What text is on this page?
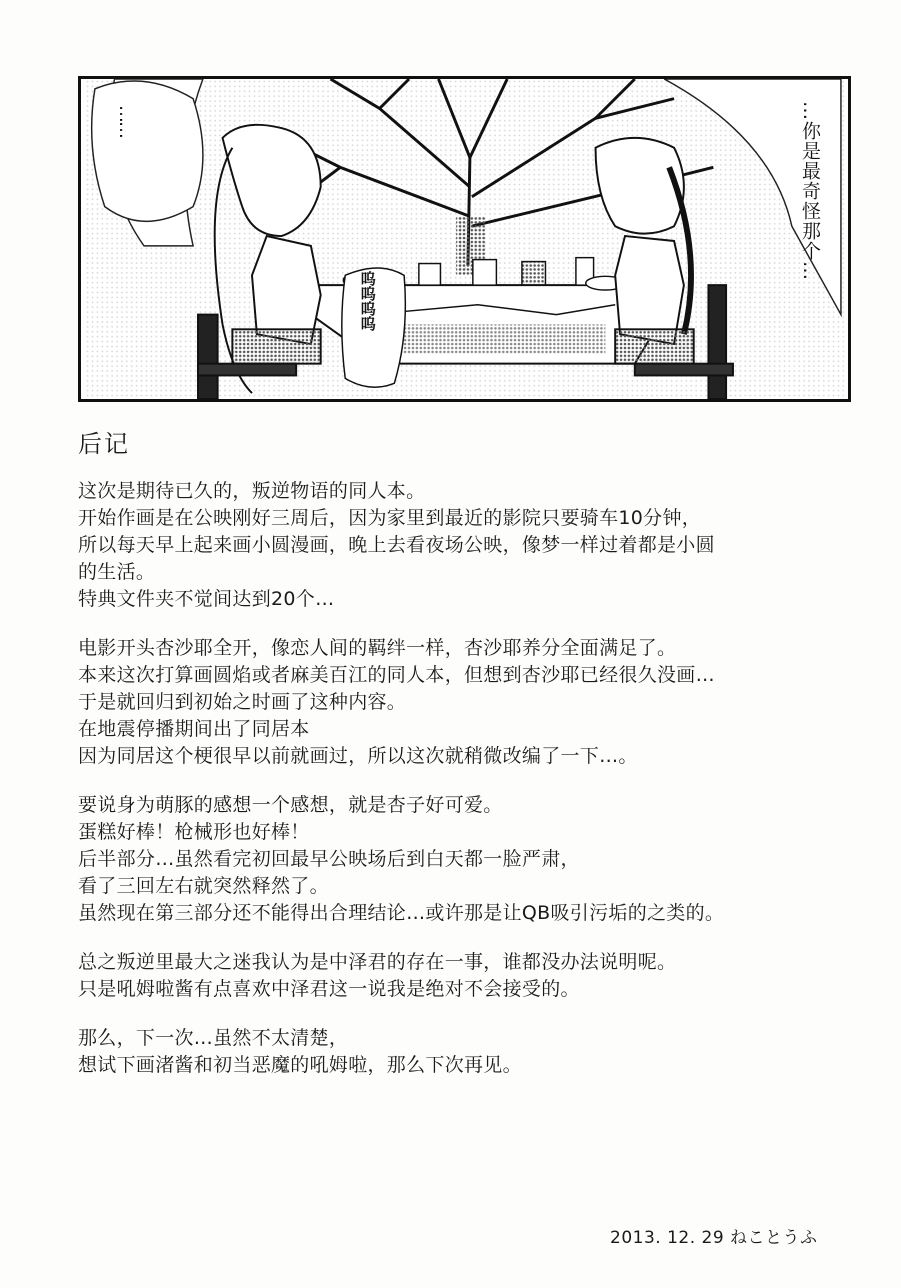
……	…你是最奇怪那个…
呜呜呜呜
后记
这次是期待已久的，叛逆物语的同人本。
开始作画是在公映刚好三周后，因为家里到最近的影院只要骑车10分钟，
所以每天早上起来画小圆漫画，晚上去看夜场公映，像梦一样过着都是小圆
的生活。
特典文件夹不觉间达到20个…
电影开头杏沙耶全开，像恋人间的羁绊一样，杏沙耶养分全面满足了。
本来这次打算画圆焰或者麻美百江的同人本，但想到杏沙耶已经很久没画…
于是就回归到初始之时画了这种内容。
在地震停播期间出了同居本
因为同居这个梗很早以前就画过，所以这次就稍微改编了一下…。
要说身为萌豚的感想一个感想，就是杏子好可爱。
蛋糕好棒！枪械形也好棒！
后半部分…虽然看完初回最早公映场后到白天都一脸严肃，
看了三回左右就突然释然了。
虽然现在第三部分还不能得出合理结论…或许那是让QB吸引污垢的之类的。
总之叛逆里最大之迷我认为是中泽君的存在一事，谁都没办法说明呢。
只是吼姆啦酱有点喜欢中泽君这一说我是绝对不会接受的。
那么，下一次…虽然不太清楚，
想试下画渚酱和初当恶魔的吼姆啦，那么下次再见。
2013. 12. 29 ねことうふ
